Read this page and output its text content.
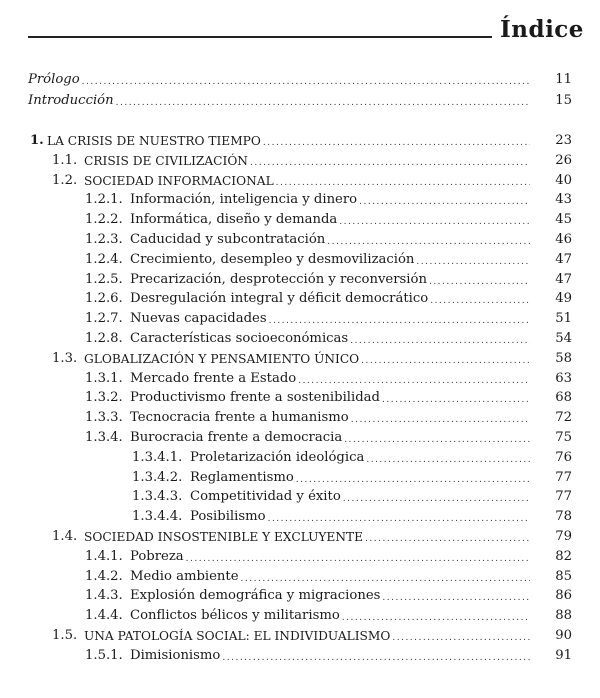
Índice
Prólogo .....	11
Introducción .....	15
1. LA CRISIS DE NUESTRO TIEMPO .....	23
1.1. CRISIS DE CIVILIZACIÓN .....	26
1.2. SOCIEDAD INFORMACIONAL .....	40
1.2.1. Información, inteligencia y dinero .....	43
1.2.2. Informática, diseño y demanda .....	45
1.2.3. Caducidad y subcontratación .....	46
1.2.4. Crecimiento, desempleo y desmovilización .....	47
1.2.5. Precarización, desprotección y reconversión .....	47
1.2.6. Desregulación integral y déficit democrático .....	49
1.2.7. Nuevas capacidades .....	51
1.2.8. Características socioeconómicas .....	54
1.3. GLOBALIZACIÓN Y PENSAMIENTO ÚNICO .....	58
1.3.1. Mercado frente a Estado .....	63
1.3.2. Productivismo frente a sostenibilidad .....	68
1.3.3. Tecnocracia frente a humanismo .....	72
1.3.4. Burocracia frente a democracia .....	75
1.3.4.1. Proletarización ideológica .....	76
1.3.4.2. Reglamentismo .....	77
1.3.4.3. Competitividad y éxito .....	77
1.3.4.4. Posibilismo .....	78
1.4. SOCIEDAD INSOSTENIBLE Y EXCLUYENTE .....	79
1.4.1. Pobreza .....	82
1.4.2. Medio ambiente .....	85
1.4.3. Explosión demográfica y migraciones .....	86
1.4.4. Conflictos bélicos y militarismo .....	88
1.5. UNA PATOLOGÍA SOCIAL: EL INDIVIDUALISMO .....	90
1.5.1. Dimisionismo .....	91
